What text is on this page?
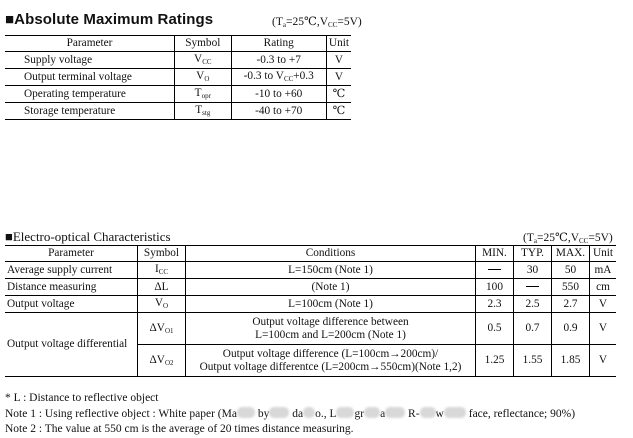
■Absolute Maximum Ratings	$(T_a=25℃,V_{CC}=5V)$
Parameter	Symbol	Rating	Unit
Supply voltage	$V_{CC}$	-0.3 to +7	V
Output terminal voltage	$V_O$	-0.3 to $V_{CC}+0.3$	V
Operating temperature	$T_{opr}$	-10 to +60	℃
Storage temperature	$T_{stg}$	-40 to +70	℃
■Electro-optical Characteristics	$(T_a=25℃,V_{CC}=5V)$
Parameter	Symbol	Conditions	MIN.	TYP.	MAX.	Unit
Average supply current	$I_{CC}$	L=150cm (Note 1)		30	50	mA
Distance measuring	ΔL	(Note 1)	100		550	cm
Output voltage	$V_O$	L=100cm (Note 1)	2.3	2.5	2.7	V
Output voltage differential	$\Delta V_{O1}$	Output voltage difference between
L=100cm and L=200cm (Note 1)	0.5	0.7	0.9	V
	$\Delta V_{O2}$	Output voltage difference (L=100cm→200cm)/
Output voltage differentce (L=200cm→550cm)(Note 1,2)	1.25	1.55	1.85	V
* L : Distance to reflective object
Note 1 : Using reflective object : White paper (Ma by da o., L gr a R- w face, reflectance; 90%)
Note 2 : The value at 550 cm is the average of 20 times distance measuring.
